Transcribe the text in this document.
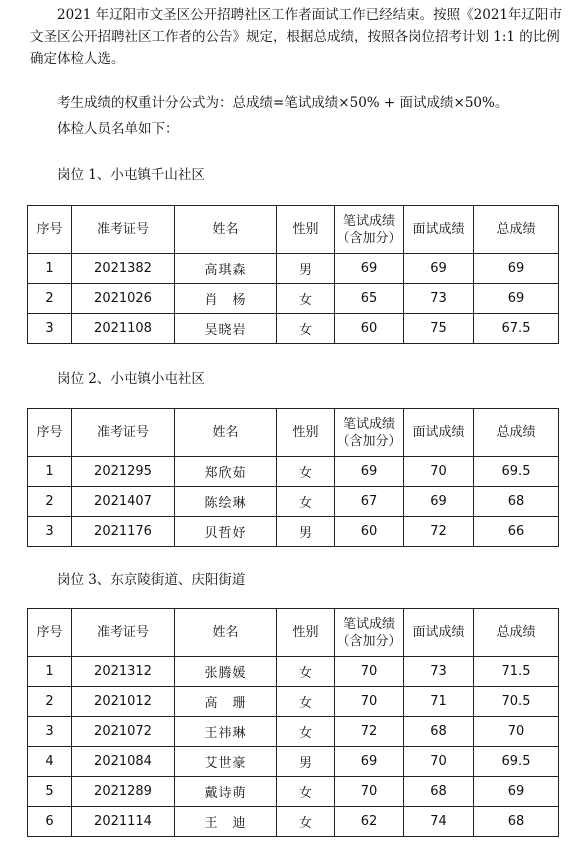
2021 年辽阳市文圣区公开招聘社区工作者面试工作已经结束。按照《2021年辽阳市文圣区公开招聘社区工作者的公告》规定，根据总成绩，按照各岗位招考计划 1:1 的比例确定体检人选。

考生成绩的权重计分公式为：总成绩=笔试成绩×50% + 面试成绩×50%。

体检人员名单如下：

岗位 1、小屯镇千山社区
序号	准考证号	姓名	性别	笔试成绩
（含加分）	面试成绩	总成绩
1	2021382	高琪森	男	69	69	69
2	2021026	肖　杨	女	65	73	69
3	2021108	吴晓岩	女	60	75	67.5
岗位 2、小屯镇小屯社区
序号	准考证号	姓名	性别	笔试成绩
（含加分）	面试成绩	总成绩
1	2021295	郑欣茹	女	69	70	69.5
2	2021407	陈绘琳	女	67	69	68
3	2021176	贝哲妤	男	60	72	66
岗位 3、东京陵街道、庆阳街道
序号	准考证号	姓名	性别	笔试成绩
（含加分）	面试成绩	总成绩
1	2021312	张腾媛	女	70	73	71.5
2	2021012	高　珊	女	70	71	70.5
3	2021072	王祎琳	女	72	68	70
4	2021084	艾世豪	男	69	70	69.5
5	2021289	戴诗萌	女	70	68	69
6	2021114	王　迪	女	62	74	68
